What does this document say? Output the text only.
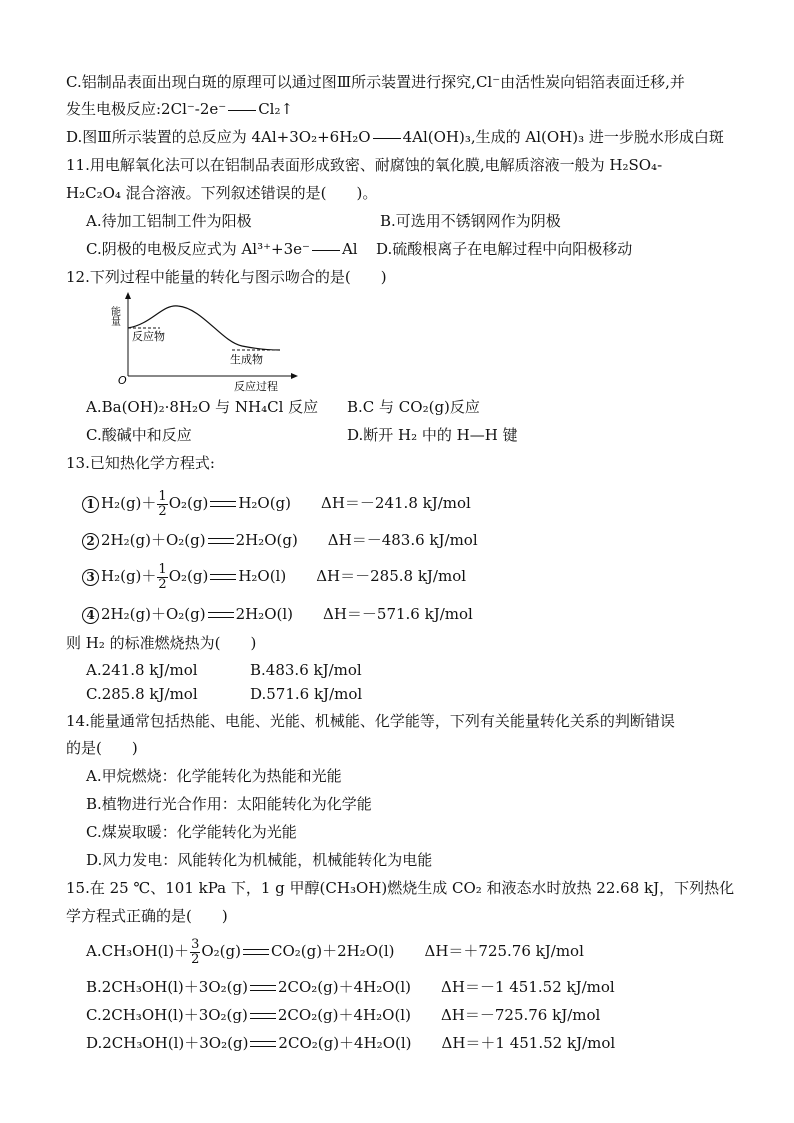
C.铝制品表面出现白斑的原理可以通过图Ⅲ所示装置进行探究,Cl⁻由活性炭向铝箔表面迁移,并
发生电极反应:2Cl⁻-2e⁻ Cl₂↑
D.图Ⅲ所示装置的总反应为 4Al+3O₂+6H₂O 4Al(OH)₃,生成的 Al(OH)₃ 进一步脱水形成白斑
11.用电解氧化法可以在铝制品表面形成致密、耐腐蚀的氧化膜,电解质溶液一般为 H₂SO₄-
H₂C₂O₄ 混合溶液。下列叙述错误的是(　　)。
A.待加工铝制工件为阳极	B.可选用不锈钢网作为阴极
C.阴极的电极反应式为 Al³⁺+3e⁻ Al D.硫酸根离子在电解过程中向阳极移动
12.下列过程中能量的转化与图示吻合的是(　　)
能量
反应物
生成物
O	反应过程
A.Ba(OH)₂·8H₂O 与 NH₄Cl 反应 B.C 与 CO₂(g)反应
C.酸碱中和反应	D.断开 H₂ 中的 H—H 键
13.已知热化学方程式:
1 $H_2(g)+ \frac{1}{2} O_2(g)$ H₂O(g)　　ΔH＝－241.8 kJ/mol
2 2H₂(g)＋O₂(g) 2H₂O(g)　　ΔH＝－483.6 kJ/mol
3 $H_2(g)+ \frac{1}{2} O_2(g)$ H₂O(l)　　ΔH＝－285.8 kJ/mol
4 2H₂(g)＋O₂(g) 2H₂O(l)　　ΔH＝－571.6 kJ/mol
则 H₂ 的标准燃烧热为(　　)
A.241.8 kJ/mol	B.483.6 kJ/mol
C.285.8 kJ/mol	D.571.6 kJ/mol
14.能量通常包括热能、电能、光能、机械能、化学能等，下列有关能量转化关系的判断错误
的是(　　)
A.甲烷燃烧：化学能转化为热能和光能
B.植物进行光合作用：太阳能转化为化学能
C.煤炭取暖：化学能转化为光能
D.风力发电：风能转化为机械能，机械能转化为电能
15.在 25 ℃、101 kPa 下，1 g 甲醇(CH₃OH)燃烧生成 CO₂ 和液态水时放热 22.68 kJ，下列热化
学方程式正确的是(　　)
$A.CH_3OH(l)+ \frac{3}{2} O_2(g)$ CO₂(g)＋2H₂O(l)　　ΔH＝＋725.76 kJ/mol
B.2CH₃OH(l)＋3O₂(g) 2CO₂(g)＋4H₂O(l)　　ΔH＝－1 451.52 kJ/mol
C.2CH₃OH(l)＋3O₂(g) 2CO₂(g)＋4H₂O(l)　　ΔH＝－725.76 kJ/mol
D.2CH₃OH(l)＋3O₂(g) 2CO₂(g)＋4H₂O(l)　　ΔH＝＋1 451.52 kJ/mol
